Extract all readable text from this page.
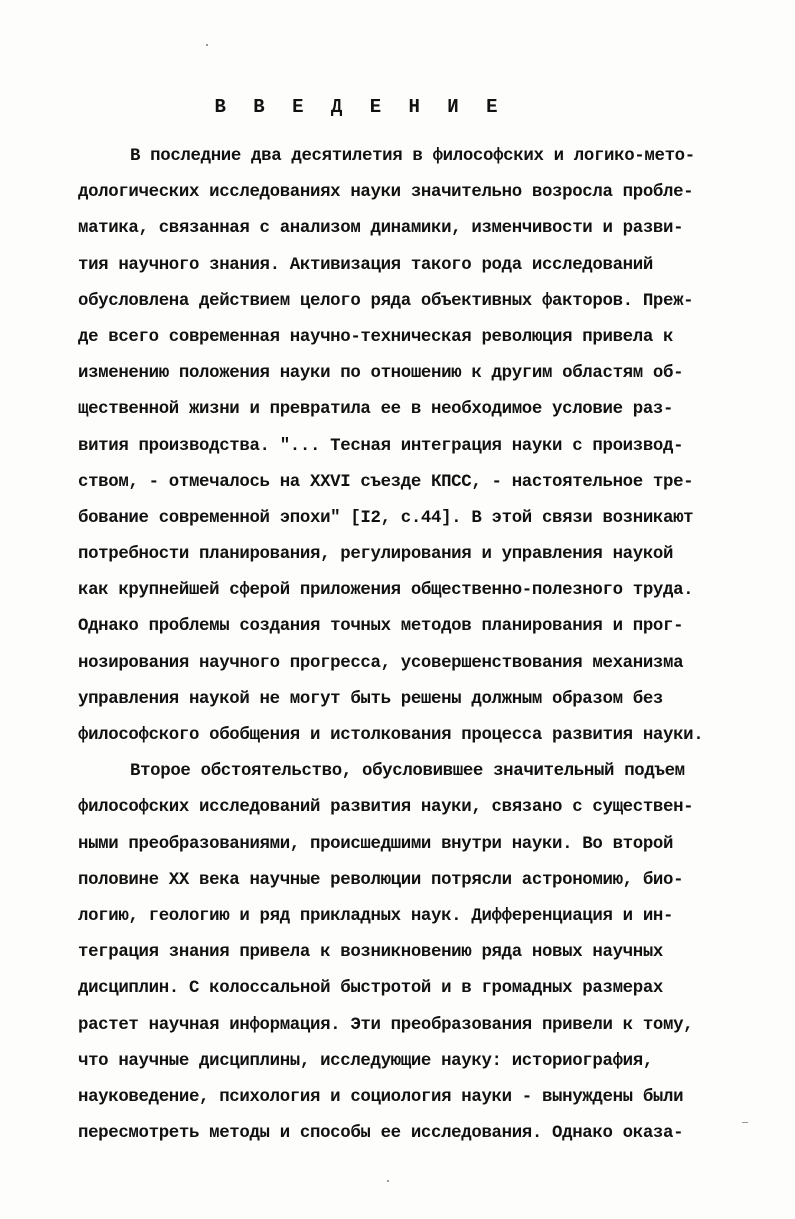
В В Е Д Е Н И Е
В последние два десятилетия в философских и логико-мето-
дологических исследованиях науки значительно возросла пробле-
матика, связанная с анализом динамики, изменчивости и разви-
тия научного знания. Активизация такого рода исследований
обусловлена действием целого ряда объективных факторов. Преж-
де всего современная научно-техническая революция привела к
изменению положения науки по отношению к другим областям об-
щественной жизни и превратила ее в необходимое условие раз-
вития производства. "... Тесная интеграция науки с производ-
ством, - отмечалось на XXVI съезде КПСС, - настоятельное тре-
бование современной эпохи" [I2, с.44]. В этой связи возникают
потребности планирования, регулирования и управления наукой
как крупнейшей сферой приложения общественно-полезного труда.
Однако проблемы создания точных методов планирования и прог-
нозирования научного прогресса, усовершенствования механизма
управления наукой не могут быть решены должным образом без
философского обобщения и истолкования процесса развития науки.
Второе обстоятельство, обусловившее значительный подъем
философских исследований развития науки, связано с существен-
ными преобразованиями, происшедшими внутри науки. Во второй
половине XX века научные революции потрясли астрономию, био-
логию, геологию и ряд прикладных наук. Дифференциация и ин-
теграция знания привела к возникновению ряда новых научных
дисциплин. С колоссальной быстротой и в громадных размерах
растет научная информация. Эти преобразования привели к тому,
что научные дисциплины, исследующие науку: историография,
науковедение, психология и социология науки - вынуждены были
пересмотреть методы и способы ее исследования. Однако оказа-
